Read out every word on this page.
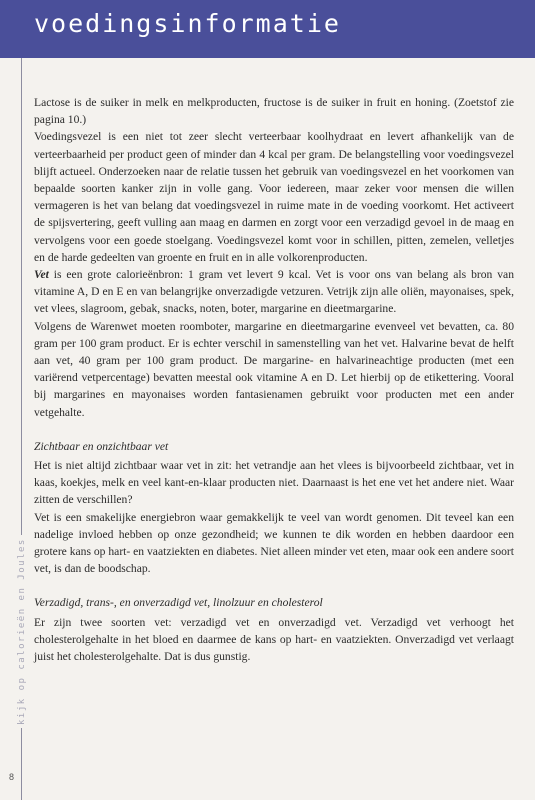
voedingsinformatie
kijk op calorieën en Joules
8

Lactose is de suiker in melk en melkproducten, fructose is de suiker in fruit en honing. (Zoetstof zie pagina 10.)

Voedingsvezel is een niet tot zeer slecht verteerbaar koolhydraat en levert afhankelijk van de verteerbaarheid per product geen of minder dan 4 kcal per gram. De belangstelling voor voedingsvezel blijft actueel. Onderzoeken naar de relatie tussen het gebruik van voedingsvezel en het voorkomen van bepaalde soorten kanker zijn in volle gang. Voor iedereen, maar zeker voor mensen die willen vermageren is het van belang dat voedingsvezel in ruime mate in de voeding voorkomt. Het activeert de spijsvertering, geeft vulling aan maag en darmen en zorgt voor een verzadigd gevoel in de maag en vervolgens voor een goede stoelgang. Voedingsvezel komt voor in schillen, pitten, zemelen, velletjes en de harde gedeelten van groente en fruit en in alle volkorenproducten.

Vet is een grote calorieënbron: 1 gram vet levert 9 kcal. Vet is voor ons van belang als bron van vitamine A, D en E en van belangrijke onverzadigde vetzuren. Vetrijk zijn alle oliën, mayonaises, spek, vet vlees, slagroom, gebak, snacks, noten, boter, margarine en dieetmargarine.

Volgens de Warenwet moeten roomboter, margarine en dieetmargarine evenveel vet bevatten, ca. 80 gram per 100 gram product. Er is echter verschil in samenstelling van het vet. Halvarine bevat de helft aan vet, 40 gram per 100 gram product. De margarine- en halvarineachtige producten (met een variërend vetpercentage) bevatten meestal ook vitamine A en D. Let hierbij op de etikettering. Vooral bij margarines en mayonaises worden fantasienamen gebruikt voor producten met een ander vetgehalte.

Zichtbaar en onzichtbaar vet

Het is niet altijd zichtbaar waar vet in zit: het vetrandje aan het vlees is bijvoorbeeld zichtbaar, vet in kaas, koekjes, melk en veel kant-en-klaar producten niet. Daarnaast is het ene vet het andere niet. Waar zitten de verschillen?

Vet is een smakelijke energiebron waar gemakkelijk te veel van wordt genomen. Dit teveel kan een nadelige invloed hebben op onze gezondheid; we kunnen te dik worden en hebben daardoor een grotere kans op hart- en vaatziekten en diabetes. Niet alleen minder vet eten, maar ook een andere soort vet, is dan de boodschap.

Verzadigd, trans-, en onverzadigd vet, linolzuur en cholesterol

Er zijn twee soorten vet: verzadigd vet en onverzadigd vet. Verzadigd vet verhoogt het cholesterolgehalte in het bloed en daarmee de kans op hart- en vaatziekten. Onverzadigd vet verlaagt juist het cholesterolgehalte. Dat is dus gunstig.
